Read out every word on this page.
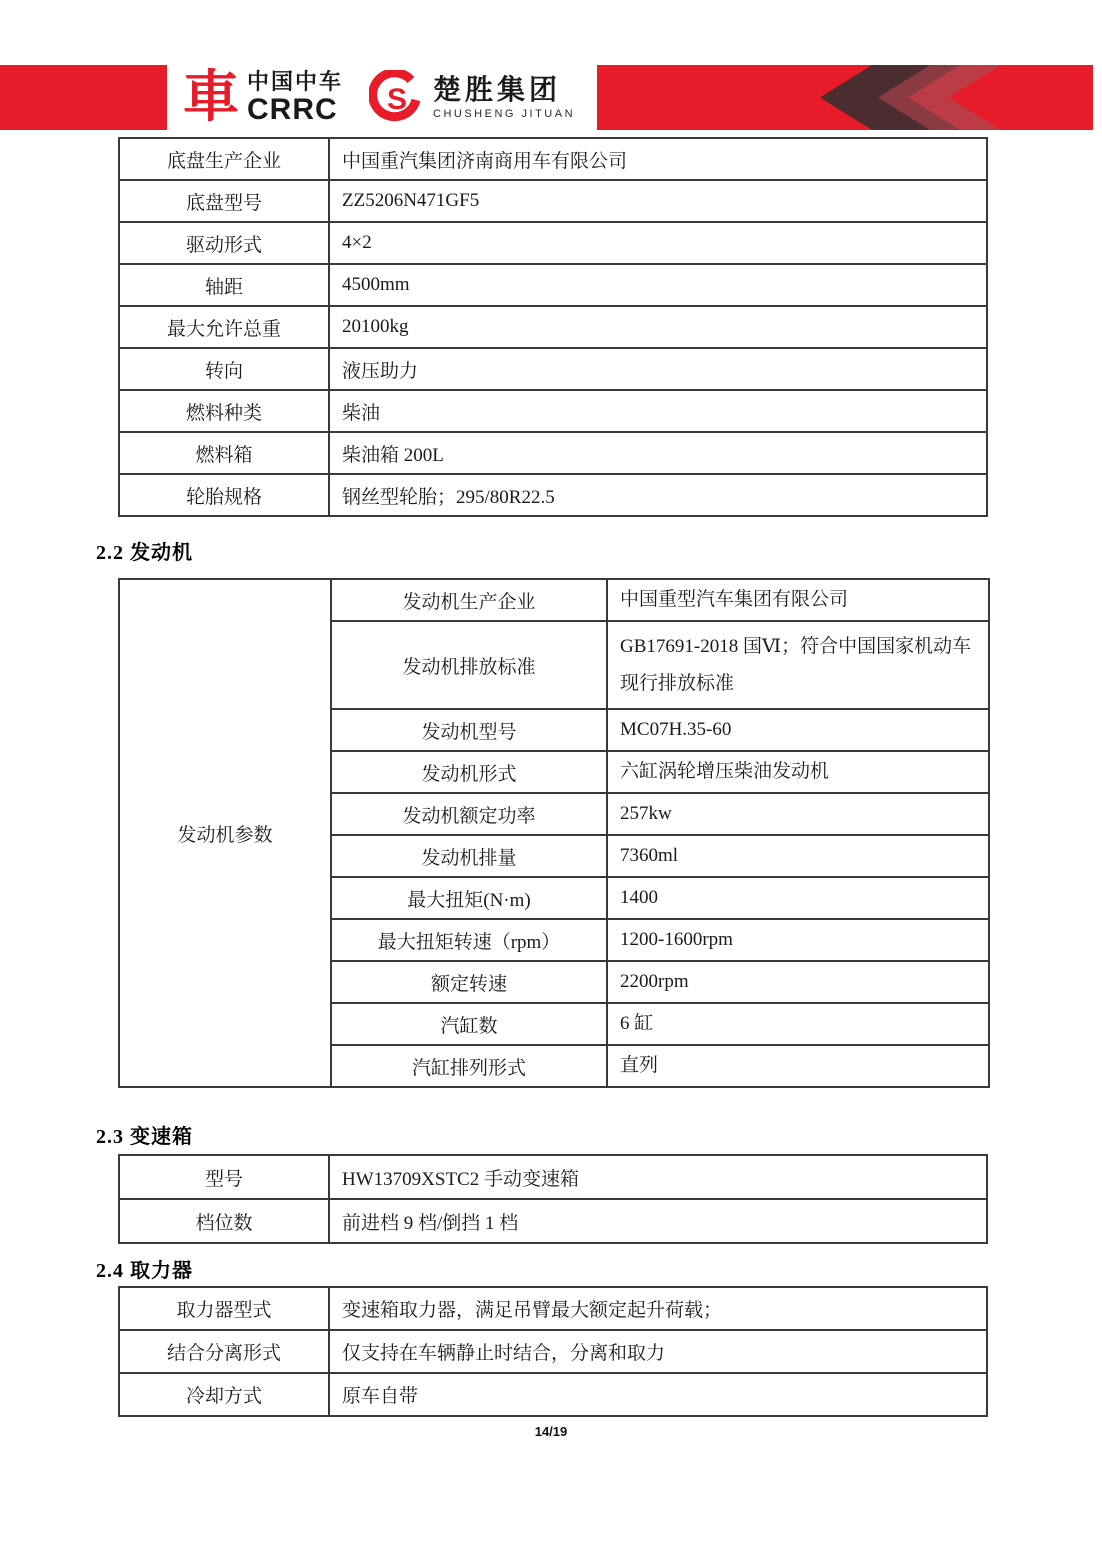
車 中国中车
CRRC S 楚胜集团
CHUSHENG JITUAN
底盘生产企业	中国重汽集团济南商用车有限公司
底盘型号	ZZ5206N471GF5
驱动形式	4×2
轴距	4500mm
最大允许总重	20100kg
转向	液压助力
燃料种类	柴油
燃料箱	柴油箱 200L
轮胎规格	钢丝型轮胎；295/80R22.5
2.2 发动机
发动机参数	发动机生产企业	中国重型汽车集团有限公司
	发动机排放标准	GB17691-2018 国Ⅵ；符合中国国家机动车现行排放标准
	发动机型号	MC07H.35-60
	发动机形式	六缸涡轮增压柴油发动机
	发动机额定功率	257kw
	发动机排量	7360ml
	最大扭矩(N·m)	1400
	最大扭矩转速（rpm）	1200-1600rpm
	额定转速	2200rpm
	汽缸数	6 缸
	汽缸排列形式	直列
2.3 变速箱
型号	HW13709XSTC2 手动变速箱
档位数	前进档 9 档/倒挡 1 档
2.4 取力器
取力器型式	变速箱取力器，满足吊臂最大额定起升荷载；
结合分离形式	仅支持在车辆静止时结合，分离和取力
冷却方式	原车自带
14/19
